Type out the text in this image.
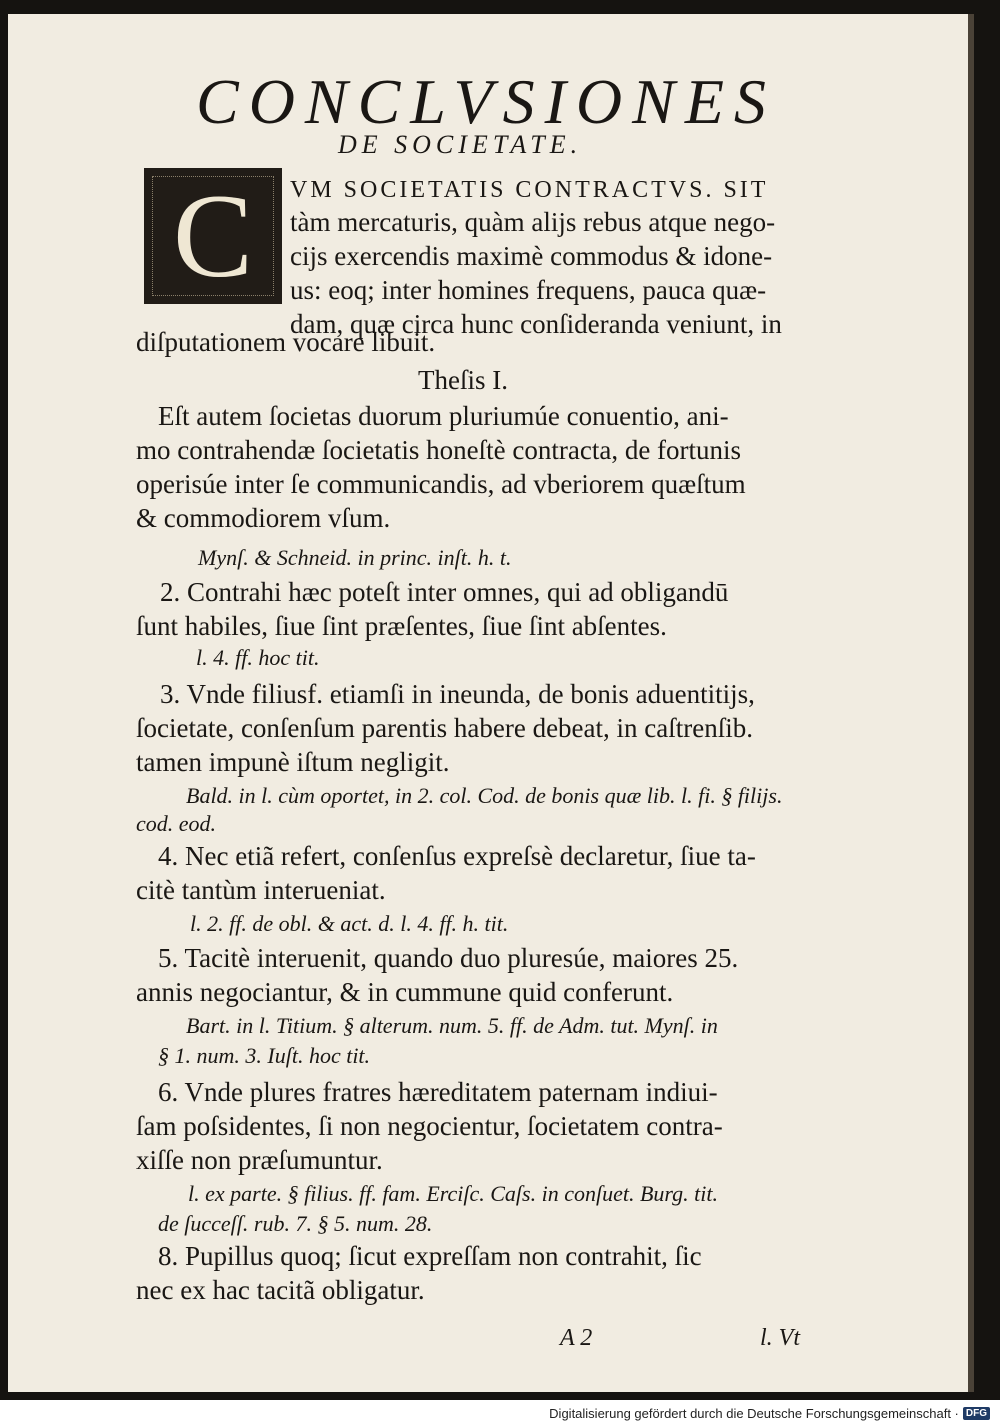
CONCLVSIONES
DE SOCIETATE.
C	VM SOCIETATIS CONTRACTVS. SIT
tàm mercaturis, quàm alijs rebus atque nego-
cijs exercendis maximè commodus & idone-
us: eoq; inter homines frequens, pauca quæ-
dam, quæ circa hunc conſideranda veniunt, in
diſputationem vocare libuit.
Theſis I.
Eſt autem ſocietas duorum pluriumúe conuentio, ani-
mo contrahendæ ſocietatis honeſtè contracta, de fortunis
operisúe inter ſe communicandis, ad vberiorem quæſtum
& commodiorem vſum.
Mynſ. & Schneid. in princ. inſt. h. t.
2. Contrahi hæc poteſt inter omnes, qui ad obligandū
ſunt habiles, ſiue ſint præſentes, ſiue ſint abſentes.
l. 4. ff. hoc tit.
3. Vnde filiusf. etiamſi in ineunda, de bonis aduentitijs,
ſocietate, conſenſum parentis habere debeat, in caſtrenſib.
tamen impunè iſtum negligit.
Bald. in l. cùm oportet, in 2. col. Cod. de bonis quæ lib. l. fi. § filijs.
cod. eod.
4. Nec etiã refert, conſenſus expreſsè declaretur, ſiue ta-
citè tantùm interueniat.
l. 2. ff. de obl. & act. d. l. 4. ff. h. tit.
5. Tacitè interuenit, quando duo pluresúe, maiores 25.
annis negociantur, & in cummune quid conferunt.
Bart. in l. Titium. § alterum. num. 5. ff. de Adm. tut. Mynſ. in
§ 1. num. 3. Iuſt. hoc tit.
6. Vnde plures fratres hæreditatem paternam indiui-
ſam poſsidentes, ſi non negocientur, ſocietatem contra-
xiſſe non præſumuntur.
l. ex parte. § filius. ff. fam. Erciſc. Caſs. in conſuet. Burg. tit.
de ſucceſſ. rub. 7. § 5. num. 28.
8. Pupillus quoq; ſicut expreſſam non contrahit, ſic
nec ex hac tacitã obligatur.
A 2	l. Vt
Digitalisierung gefördert durch die Deutsche Forschungsgemeinschaft · DFG
